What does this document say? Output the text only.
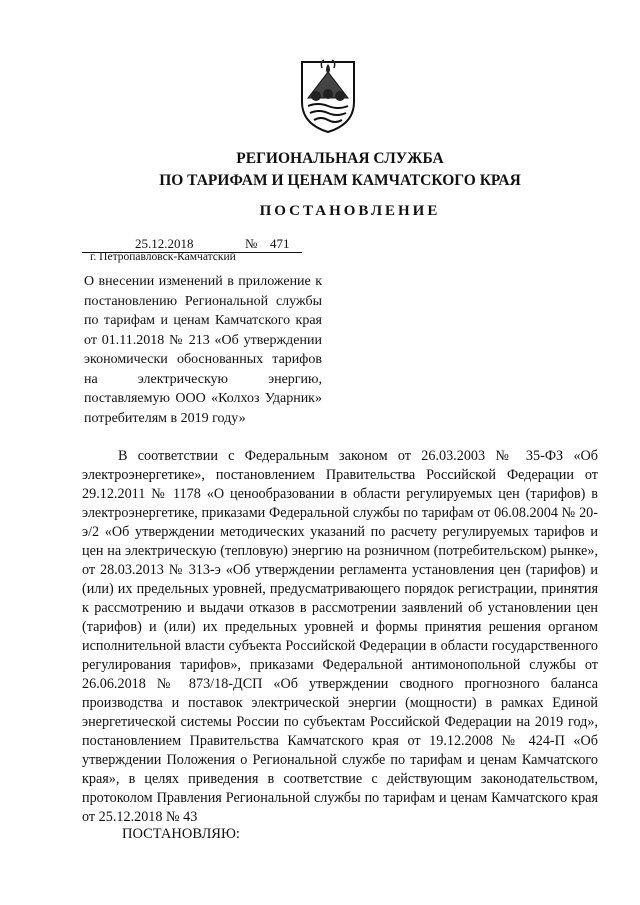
РЕГИОНАЛЬНАЯ СЛУЖБА
ПО ТАРИФАМ И ЦЕНАМ КАМЧАТСКОГО КРАЯ
ПОСТАНОВЛЕНИЕ
25.12.2018	№ 471
г. Петропавловск-Камчатский
О внесении изменений в приложение к постановлению Региональной службы по тарифам и ценам Камчатского края от 01.11.2018 № 213 «Об утверждении экономически обоснованных тарифов на электрическую энергию, поставляемую ООО «Колхоз Ударник» потребителям в 2019 году»
В соответствии с Федеральным законом от 26.03.2003 № 35-ФЗ «Об электроэнергетике», постановлением Правительства Российской Федерации от 29.12.2011 № 1178 «О ценообразовании в области регулируемых цен (тарифов) в электроэнергетике, приказами Федеральной службы по тарифам от 06.08.2004 № 20-э/2 «Об утверждении методических указаний по расчету регулируемых тарифов и цен на электрическую (тепловую) энергию на розничном (потребительском) рынке», от 28.03.2013 № 313-э «Об утверждении регламента установления цен (тарифов) и (или) их предельных уровней, предусматривающего порядок регистрации, принятия к рассмотрению и выдачи отказов в рассмотрении заявлений об установлении цен (тарифов) и (или) их предельных уровней и формы принятия решения органом исполнительной власти субъекта Российской Федерации в области государственного регулирования тарифов», приказами Федеральной антимонопольной службы от 26.06.2018 № 873/18-ДСП «Об утверждении сводного прогнозного баланса производства и поставок электрической энергии (мощности) в рамках Единой энергетической системы России по субъектам Российской Федерации на 2019 год», постановлением Правительства Камчатского края от 19.12.2008 № 424-П «Об утверждении Положения о Региональной службе по тарифам и ценам Камчатского края», в целях приведения в соответствие с действующим законодательством, протоколом Правления Региональной службы по тарифам и ценам Камчатского края от 25.12.2018 № 43
ПОСТАНОВЛЯЮ:
